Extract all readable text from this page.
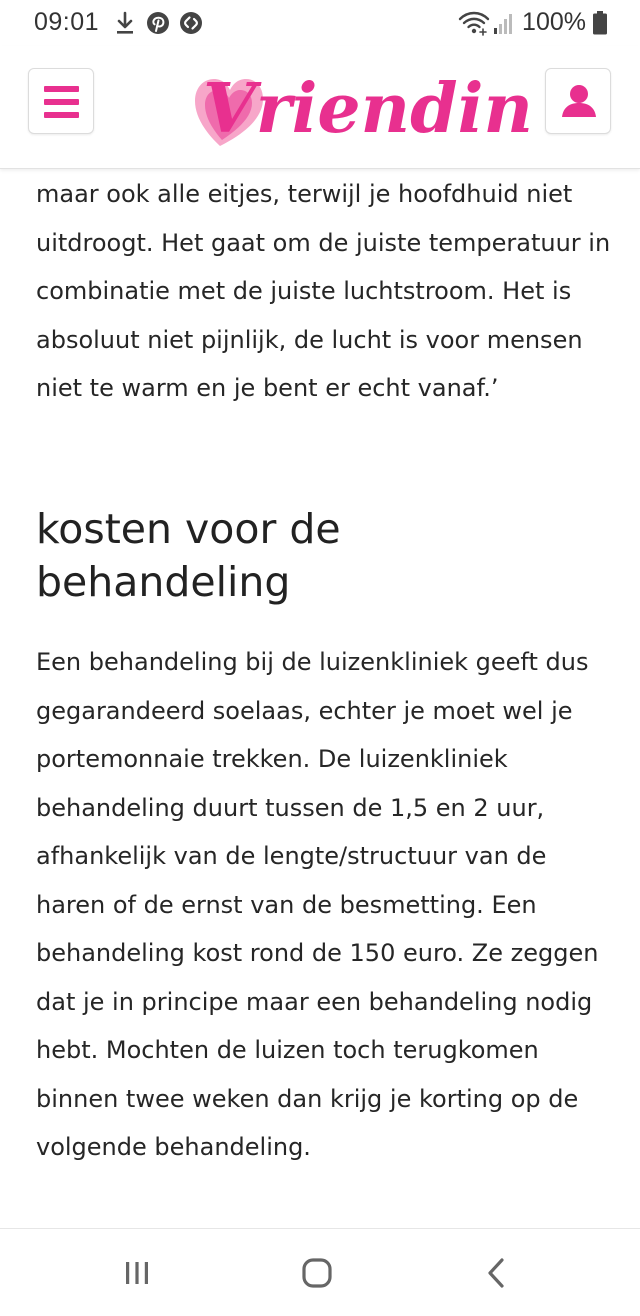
09:01	100%
Vriendin

maar ook alle eitjes, terwijl je hoofdhuid niet uitdroogt. Het gaat om de juiste temperatuur in combinatie met de juiste luchtstroom. Het is absoluut niet pijnlijk, de lucht is voor mensen niet te warm en je bent er echt vanaf.’

kosten voor de behandeling

Een behandeling bij de luizenkliniek geeft dus gegarandeerd soelaas, echter je moet wel je portemonnaie trekken. De luizenkliniek behandeling duurt tussen de 1,5 en 2 uur, afhankelijk van de lengte/structuur van de haren of de ernst van de besmetting. Een behandeling kost rond de 150 euro. Ze zeggen dat je in principe maar een behandeling nodig hebt. Mochten de luizen toch terugkomen binnen twee weken dan krijg je korting op de volgende behandeling.
